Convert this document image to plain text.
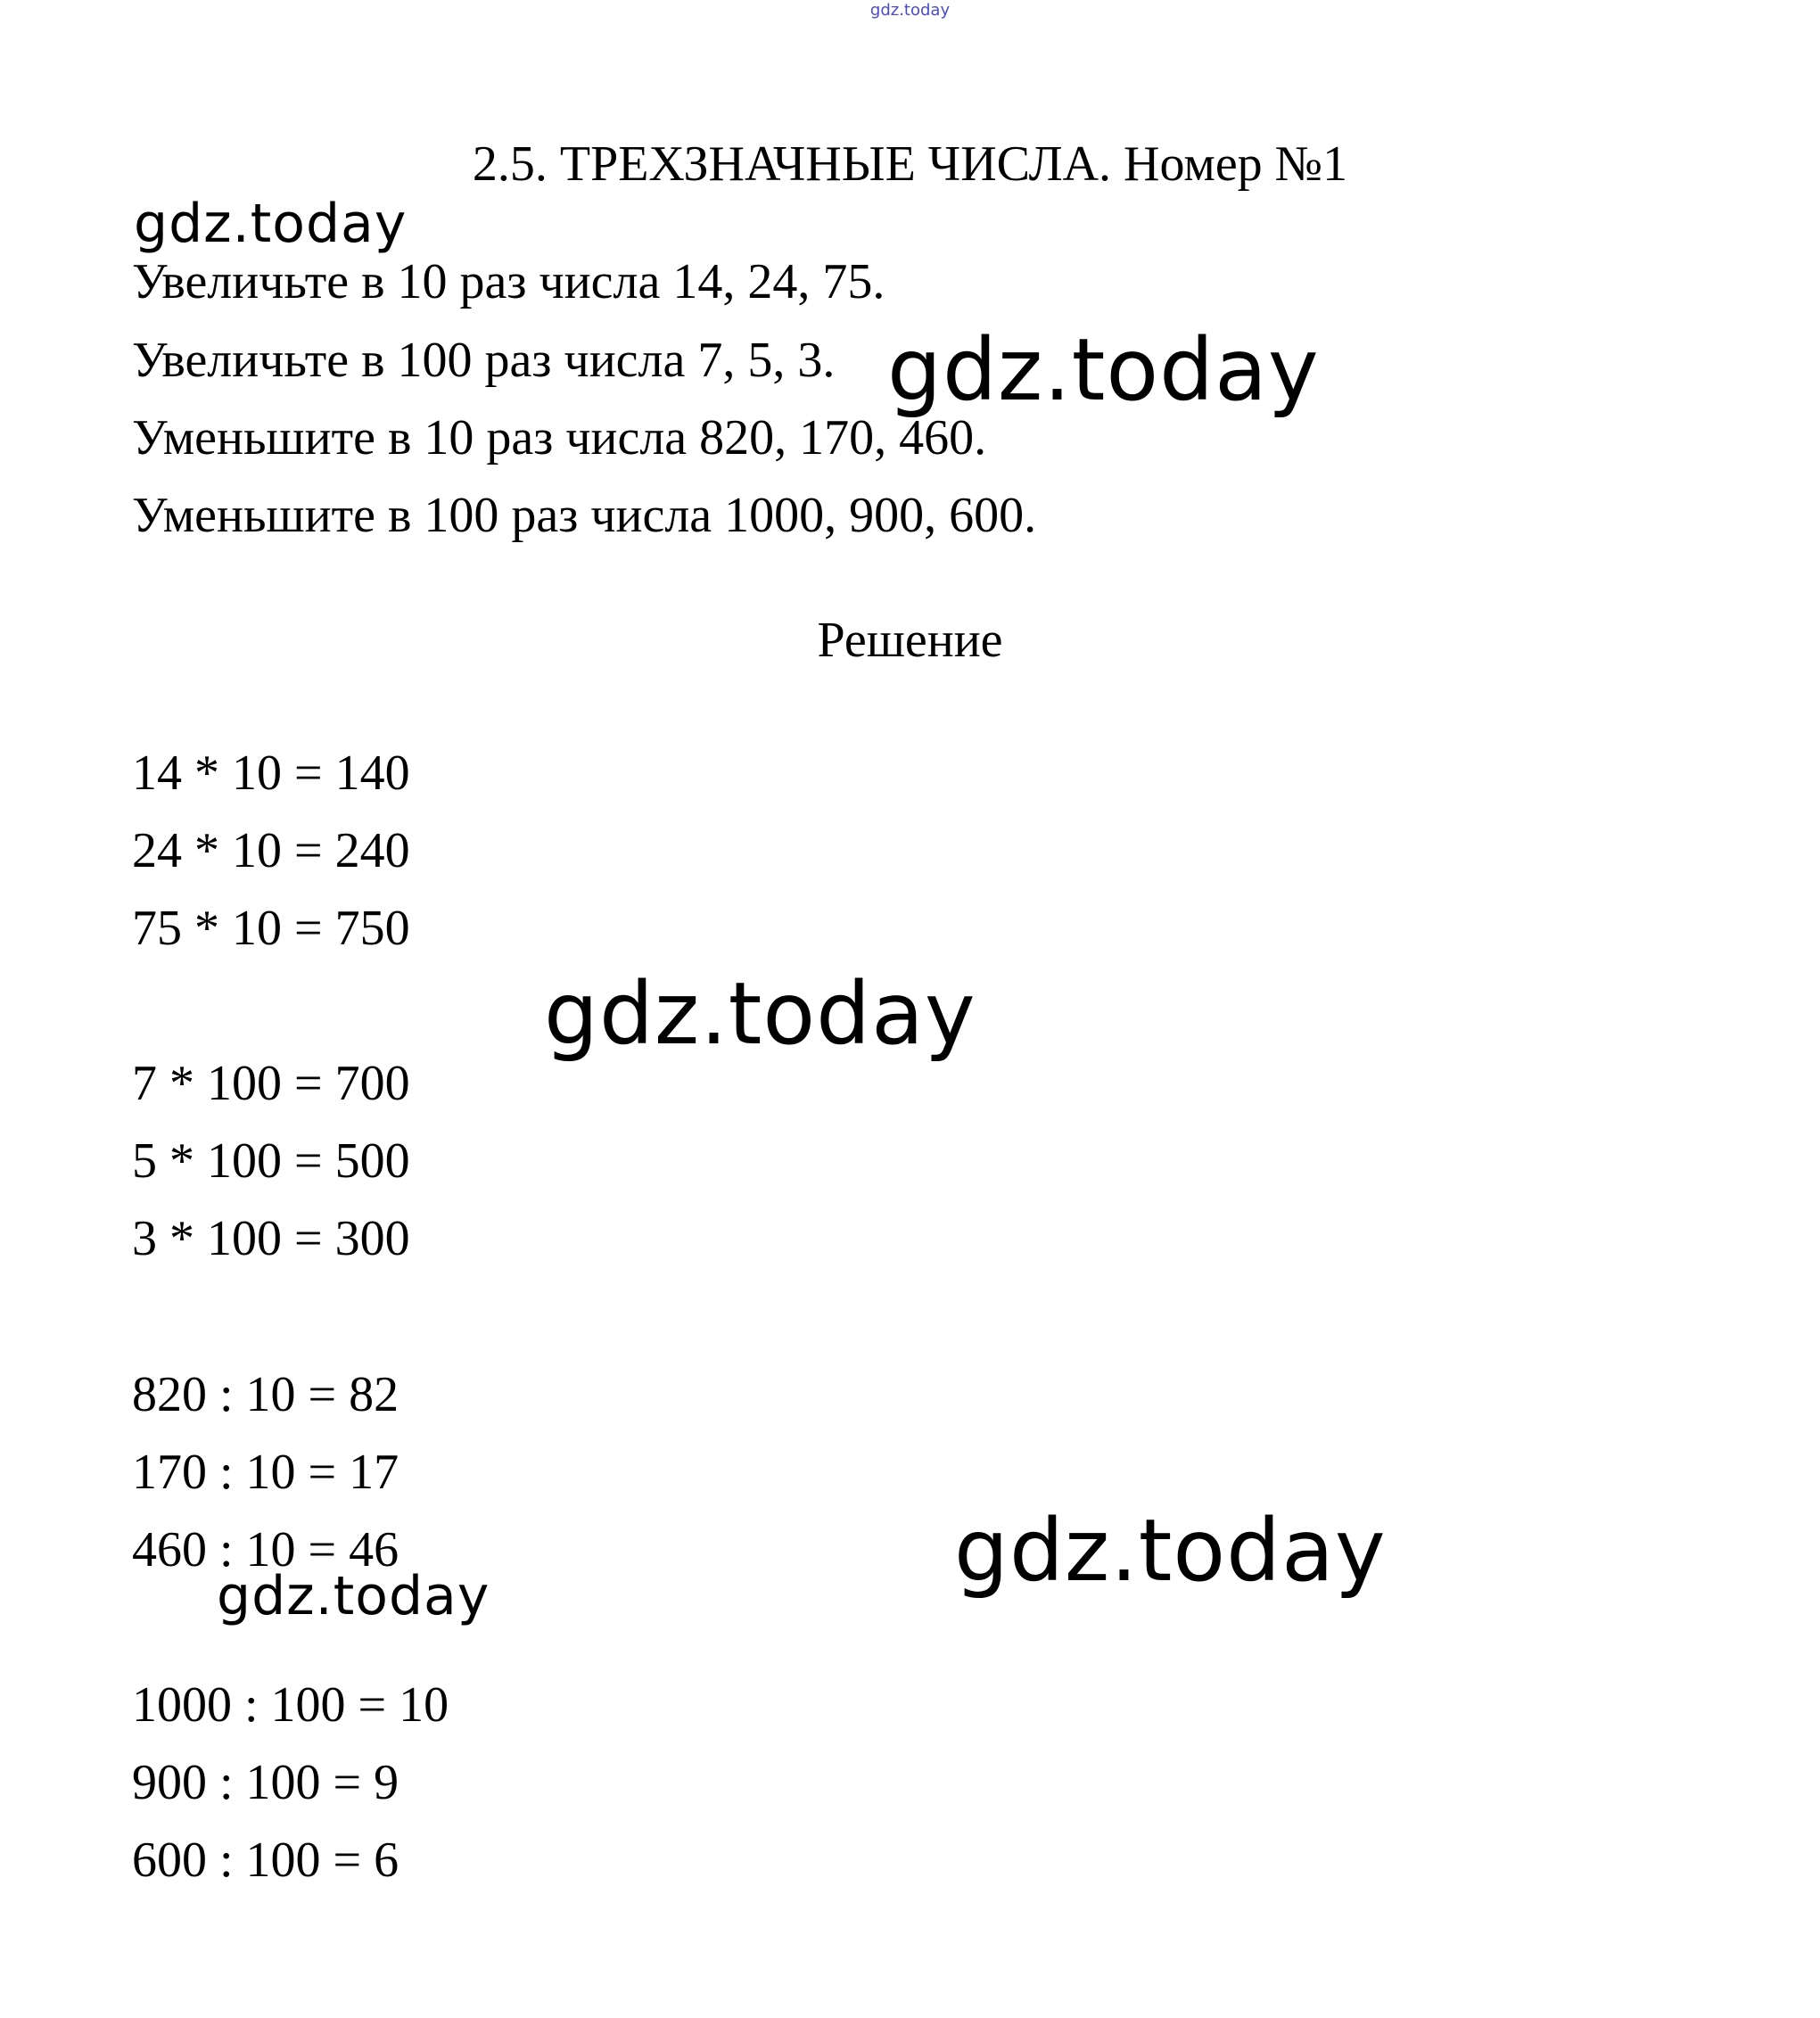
gdz.today
2.5. ТРЕХЗНАЧНЫЕ ЧИСЛА. Номер №1
gdz.today
Увеличьте в 10 раз числа 14, 24, 75.
Увеличьте в 100 раз числа 7, 5, 3.
Уменьшите в 10 раз числа 820, 170, 460.
Уменьшите в 100 раз числа 1000, 900, 600.
gdz.today
Решение
14 * 10 = 140
24 * 10 = 240
75 * 10 = 750
gdz.today
7 * 100 = 700
5 * 100 = 500
3 * 100 = 300
820 : 10 = 82
170 : 10 = 17
460 : 10 = 46
gdz.today	gdz.today
1000 : 100 = 10
900 : 100 = 9
600 : 100 = 6
